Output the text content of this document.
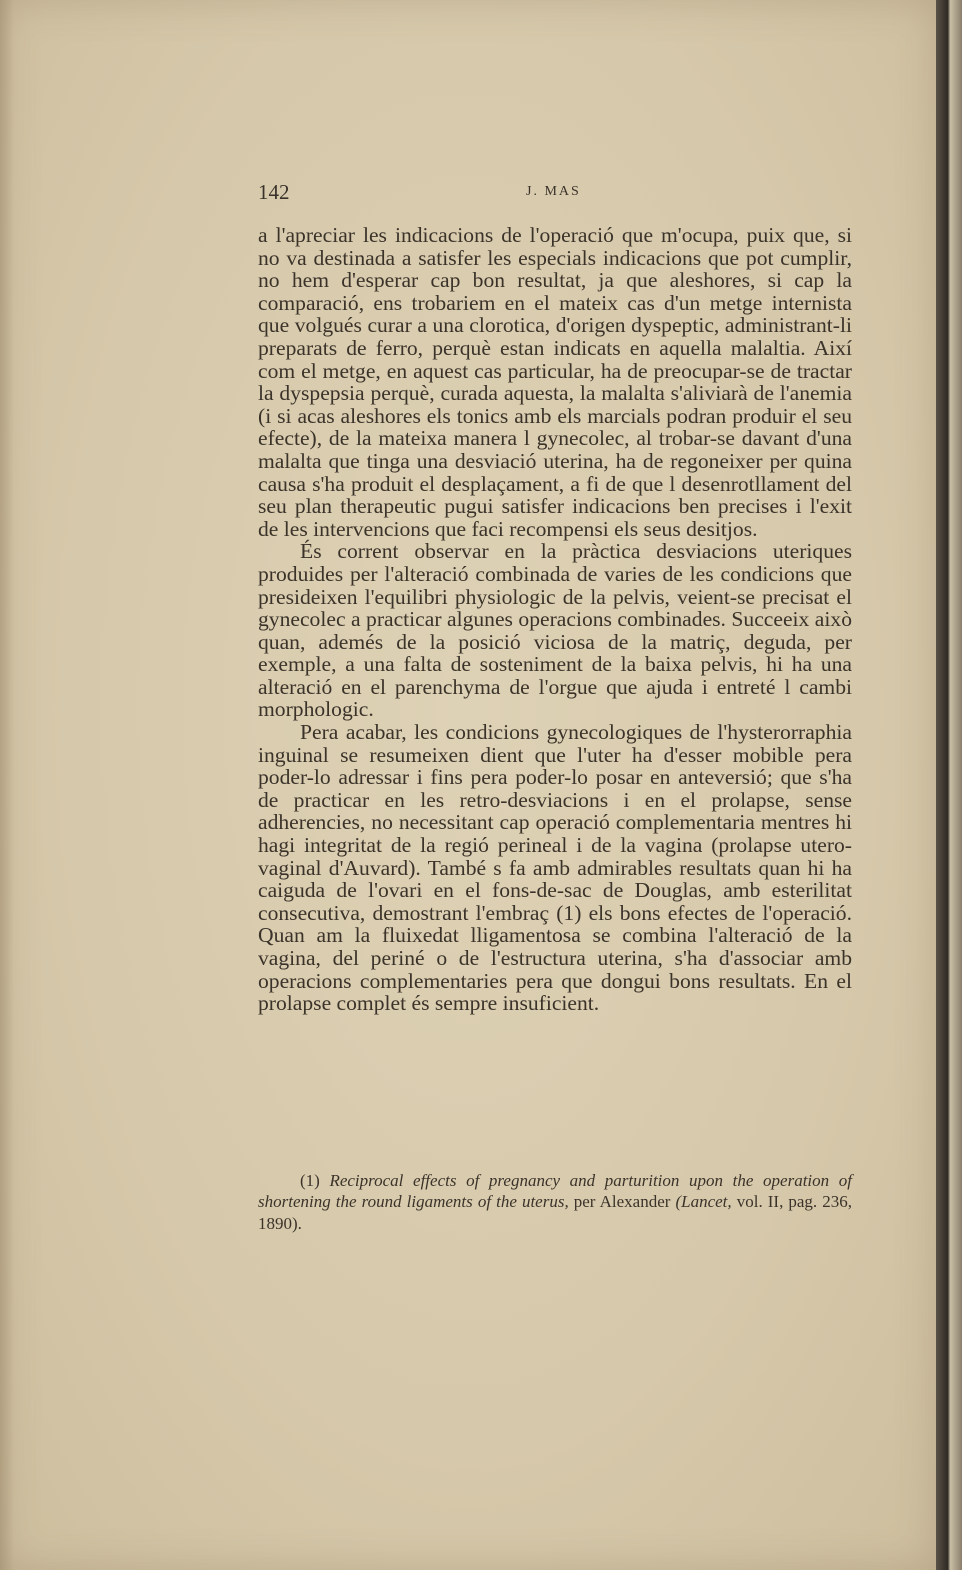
142	J. MAS

a l'apreciar les indicacions de l'operació que m'ocupa, puix que, si no va destinada a satisfer les especials indicacions que pot cumplir, no hem d'esperar cap bon resultat, ja que aleshores, si cap la comparació, ens trobariem en el mateix cas d'un metge internista que volgués curar a una clorotica, d'origen dyspeptic, administrant-li preparats de ferro, perquè estan indicats en aquella malaltia. Així com el metge, en aquest cas particular, ha de preocupar-se de tractar la dyspepsia perquè, curada aquesta, la malalta s'aliviarà de l'anemia (i si acas aleshores els tonics amb els marcials podran produir el seu efecte), de la mateixa manera l gynecolec, al trobar-se davant d'una malalta que tinga una desviació uterina, ha de regoneixer per quina causa s'ha produit el desplaçament, a fi de que l desenrotllament del seu plan therapeutic pugui satisfer indicacions ben precises i l'exit de les intervencions que faci recompensi els seus desitjos.

És corrent observar en la pràctica desviacions uteriques produides per l'alteració combinada de varies de les condicions que presideixen l'equilibri physiologic de la pelvis, veient-se precisat el gynecolec a practicar algunes operacions combinades. Succeeix això quan, ademés de la posició viciosa de la matriç, deguda, per exemple, a una falta de sosteniment de la baixa pelvis, hi ha una alteració en el parenchyma de l'orgue que ajuda i entreté l cambi morphologic.

Pera acabar, les condicions gynecologiques de l'hysterorraphia inguinal se resumeixen dient que l'uter ha d'esser mobible pera poder-lo adressar i fins pera poder-lo posar en anteversió; que s'ha de practicar en les retro-desviacions i en el prolapse, sense adherencies, no necessitant cap operació complementaria mentres hi hagi integritat de la regió perineal i de la vagina (prolapse utero-vaginal d'Auvard). També s fa amb admirables resultats quan hi ha caiguda de l'ovari en el fons-de-sac de Douglas, amb esterilitat consecutiva, demostrant l'embraç (1) els bons efectes de l'operació. Quan am la fluixedat lligamentosa se combina l'alteració de la vagina, del periné o de l'estructura uterina, s'ha d'associar amb operacions complementaries pera que dongui bons resultats. En el prolapse complet és sempre insuficient.

(1) Reciprocal effects of pregnancy and parturition upon the operation of shortening the round ligaments of the uterus, per Alexander (Lancet, vol. II, pag. 236, 1890).
